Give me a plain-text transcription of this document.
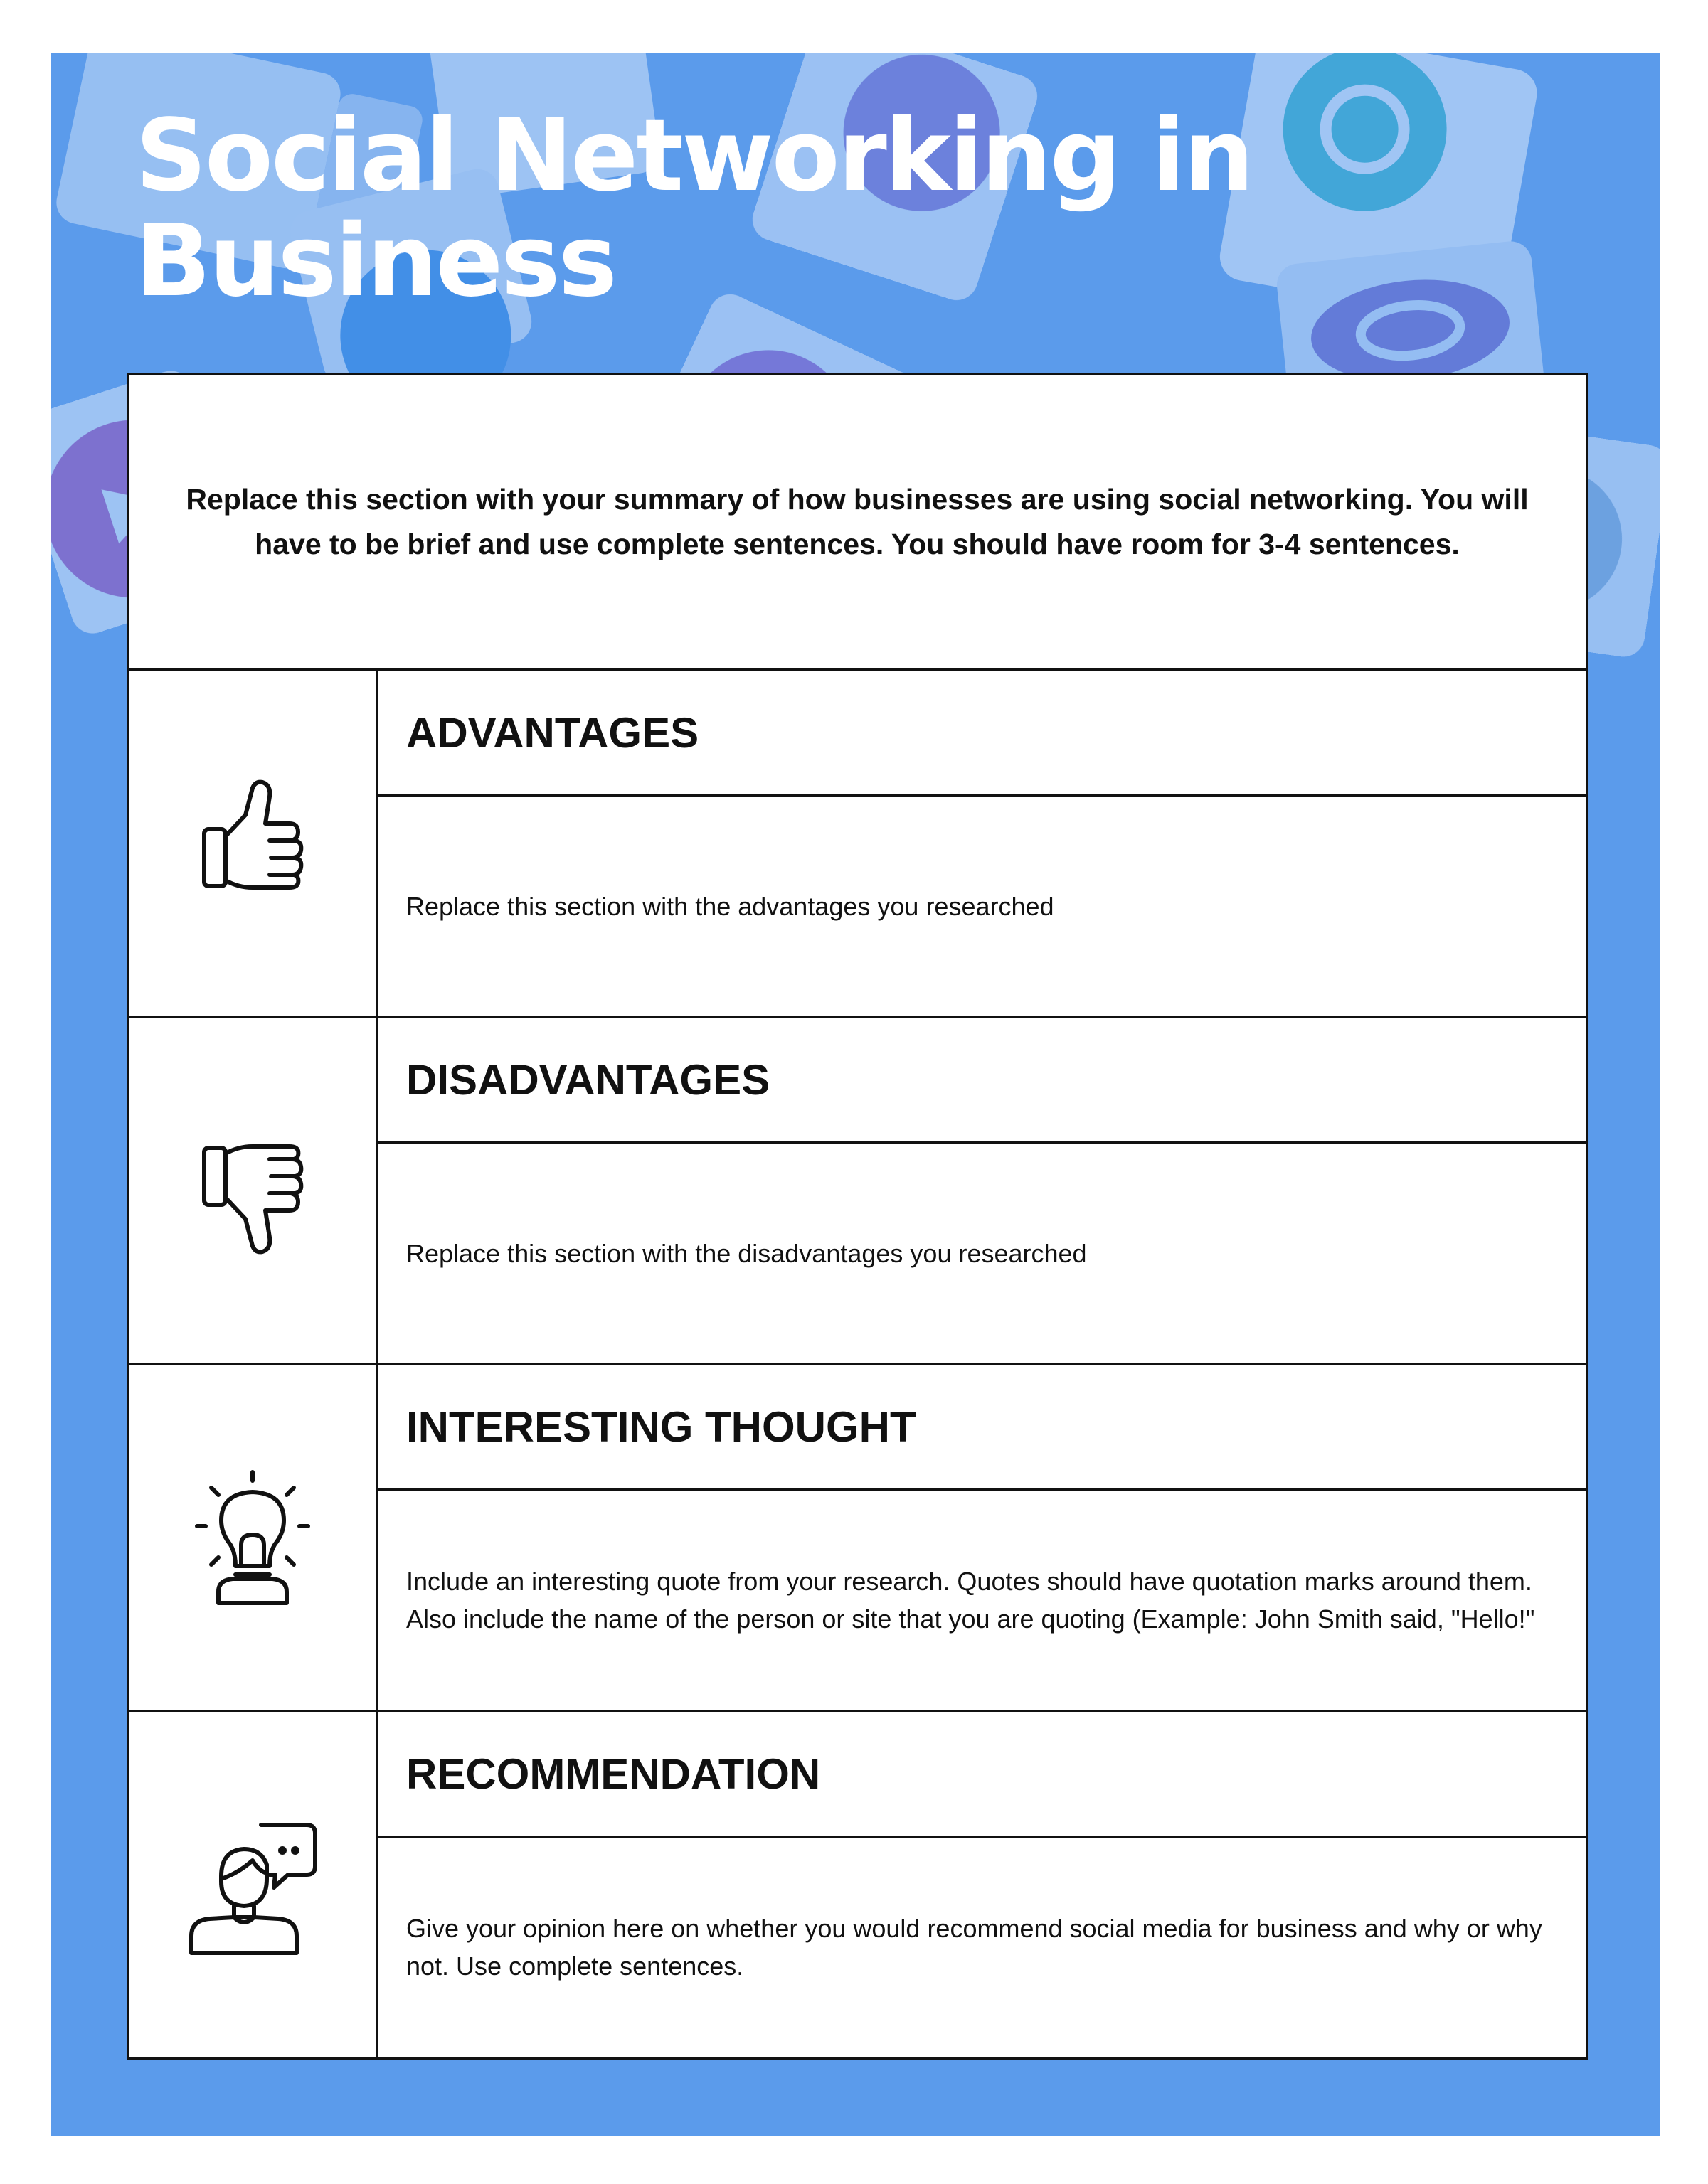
Social Networking in Business

Replace this section with your summary of how businesses are using social networking. You will have to be brief and use complete sentences. You should have room for 3-4 sentences.

ADVANTAGES

Replace this section with the advantages you researched

DISADVANTAGES

Replace this section with the disadvantages you researched

INTERESTING THOUGHT

Include an interesting quote from your research. Quotes should have quotation marks around them. Also include the name of the person or site that you are quoting (Example: John Smith said, "Hello!"

RECOMMENDATION

Give your opinion here on whether you would recommend social media for business and why or why not. Use complete sentences.
